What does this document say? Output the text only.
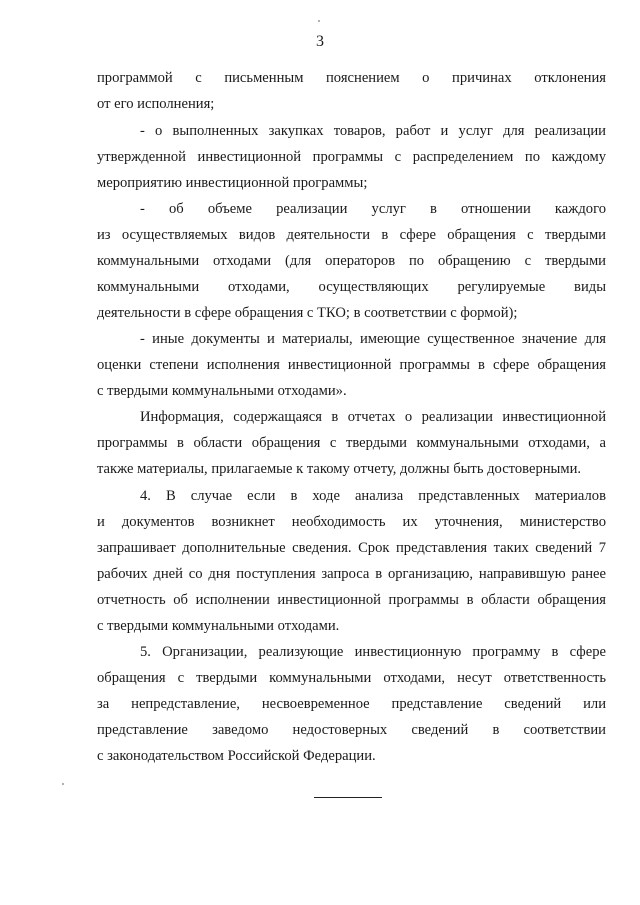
3
программой с письменным пояснением о причинах отклонения
от его исполнения;
- о выполненных закупках товаров, работ и услуг для реализации
утвержденной инвестиционной программы с распределением по каждому
мероприятию инвестиционной программы;
- об объеме реализации услуг в отношении каждого
из осуществляемых видов деятельности в сфере обращения с твердыми
коммунальными отходами (для операторов по обращению с твердыми
коммунальными отходами, осуществляющих регулируемые виды
деятельности в сфере обращения с ТКО; в соответствии с формой);
- иные документы и материалы, имеющие существенное значение для
оценки степени исполнения инвестиционной программы в сфере обращения
с твердыми коммунальными отходами».
Информация, содержащаяся в отчетах о реализации инвестиционной
программы в области обращения с твердыми коммунальными отходами, а
также материалы, прилагаемые к такому отчету, должны быть достоверными.
4. В случае если в ходе анализа представленных материалов
и документов возникнет необходимость их уточнения, министерство
запрашивает дополнительные сведения. Срок представления таких сведений 7
рабочих дней со дня поступления запроса в организацию, направившую ранее
отчетность об исполнении инвестиционной программы в области обращения
с твердыми коммунальными отходами.
5. Организации, реализующие инвестиционную программу в сфере
обращения с твердыми коммунальными отходами, несут ответственность
за непредставление, несвоевременное представление сведений или
представление заведомо недостоверных сведений в соответствии
с законодательством Российской Федерации.
